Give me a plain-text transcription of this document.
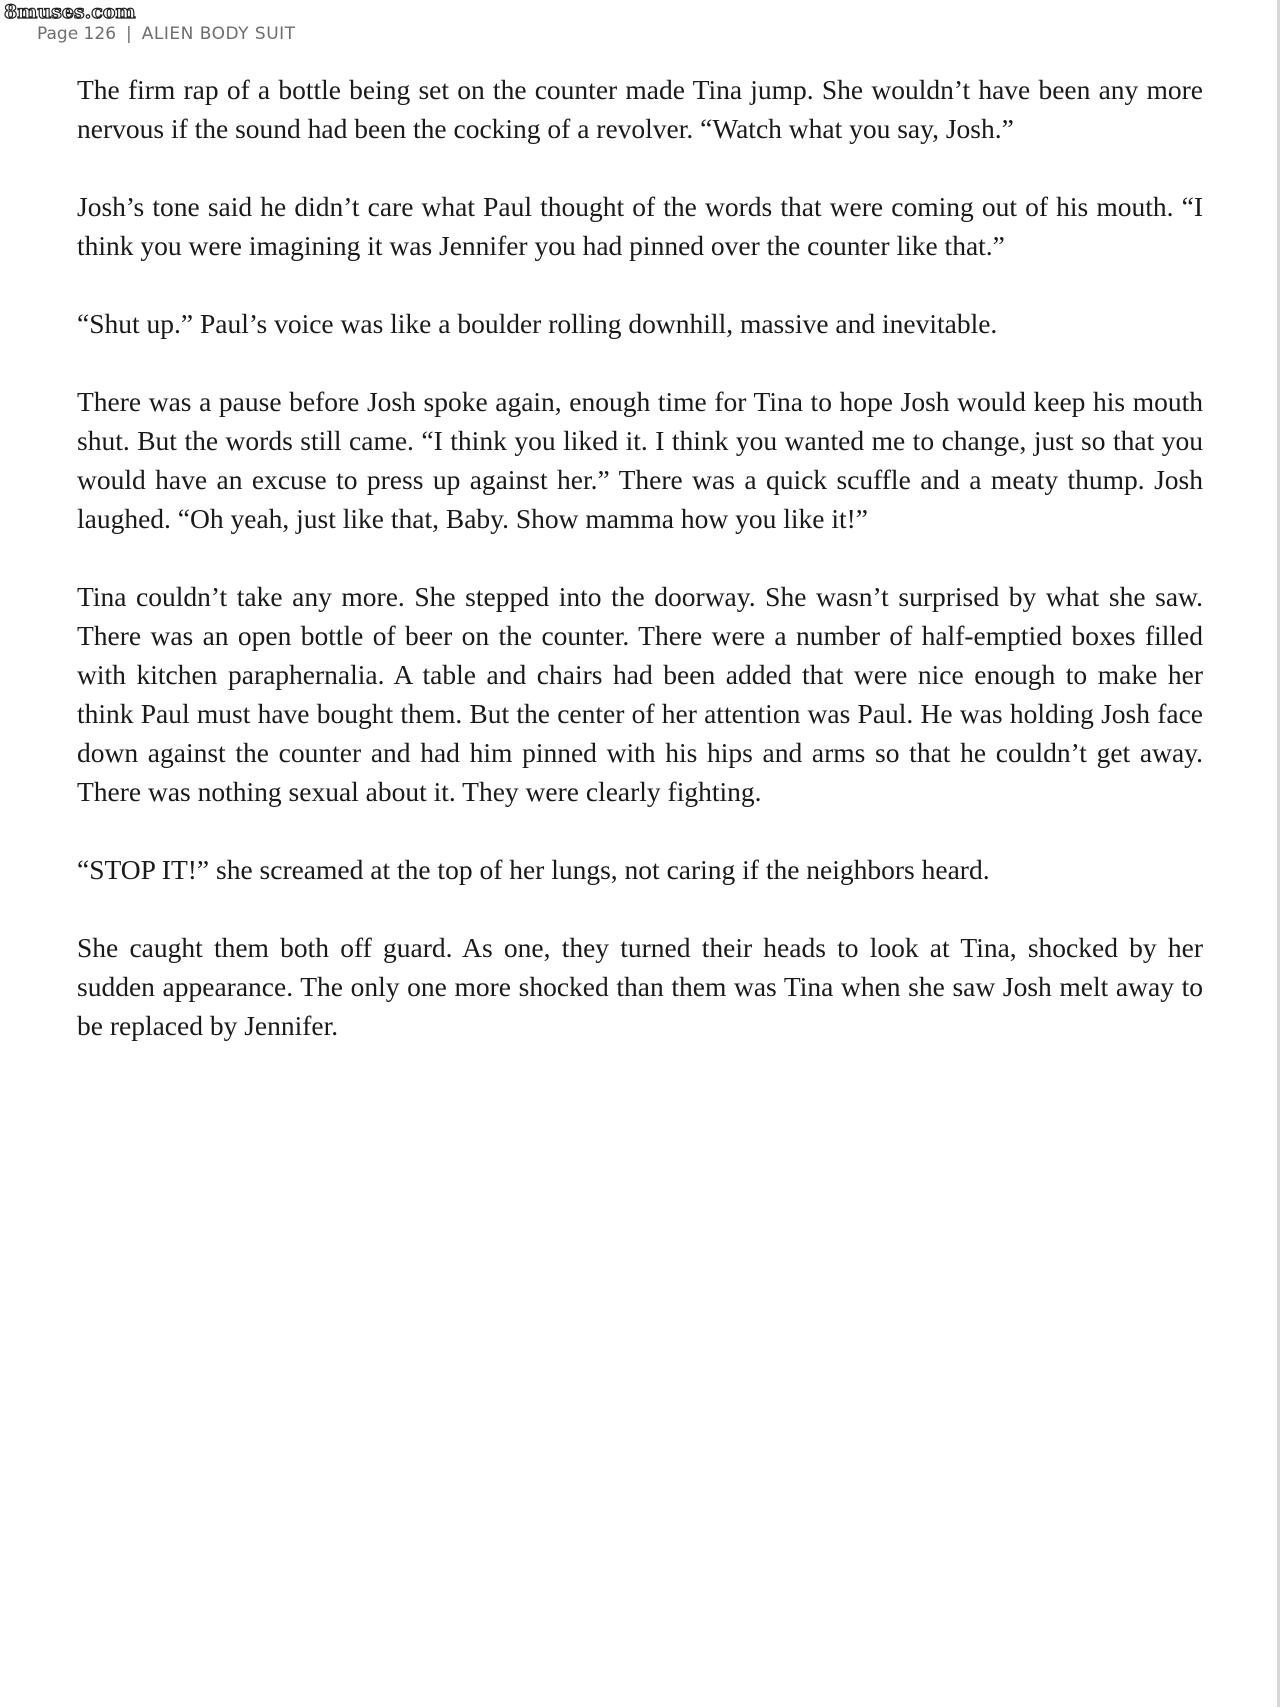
8muses.com
Page 126 | ALIEN BODY SUIT

The firm rap of a bottle being set on the counter made Tina jump. She wouldn’t have been any more nervous if the sound had been the cocking of a revolver. “Watch what you say, Josh.”

Josh’s tone said he didn’t care what Paul thought of the words that were coming out of his mouth. “I think you were imagining it was Jennifer you had pinned over the counter like that.”

“Shut up.” Paul’s voice was like a boulder rolling downhill, massive and inevitable.

There was a pause before Josh spoke again, enough time for Tina to hope Josh would keep his mouth shut. But the words still came. “I think you liked it. I think you wanted me to change, just so that you would have an excuse to press up against her.” There was a quick scuffle and a meaty thump. Josh laughed. “Oh yeah, just like that, Baby. Show mamma how you like it!”

Tina couldn’t take any more. She stepped into the doorway. She wasn’t surprised by what she saw. There was an open bottle of beer on the counter. There were a number of half-emptied boxes filled with kitchen paraphernalia. A table and chairs had been added that were nice enough to make her think Paul must have bought them. But the center of her attention was Paul. He was holding Josh face down against the counter and had him pinned with his hips and arms so that he couldn’t get away. There was nothing sexual about it. They were clearly fighting.

“STOP IT!” she screamed at the top of her lungs, not caring if the neighbors heard.

She caught them both off guard. As one, they turned their heads to look at Tina, shocked by her sudden appearance. The only one more shocked than them was Tina when she saw Josh melt away to be replaced by Jennifer.
